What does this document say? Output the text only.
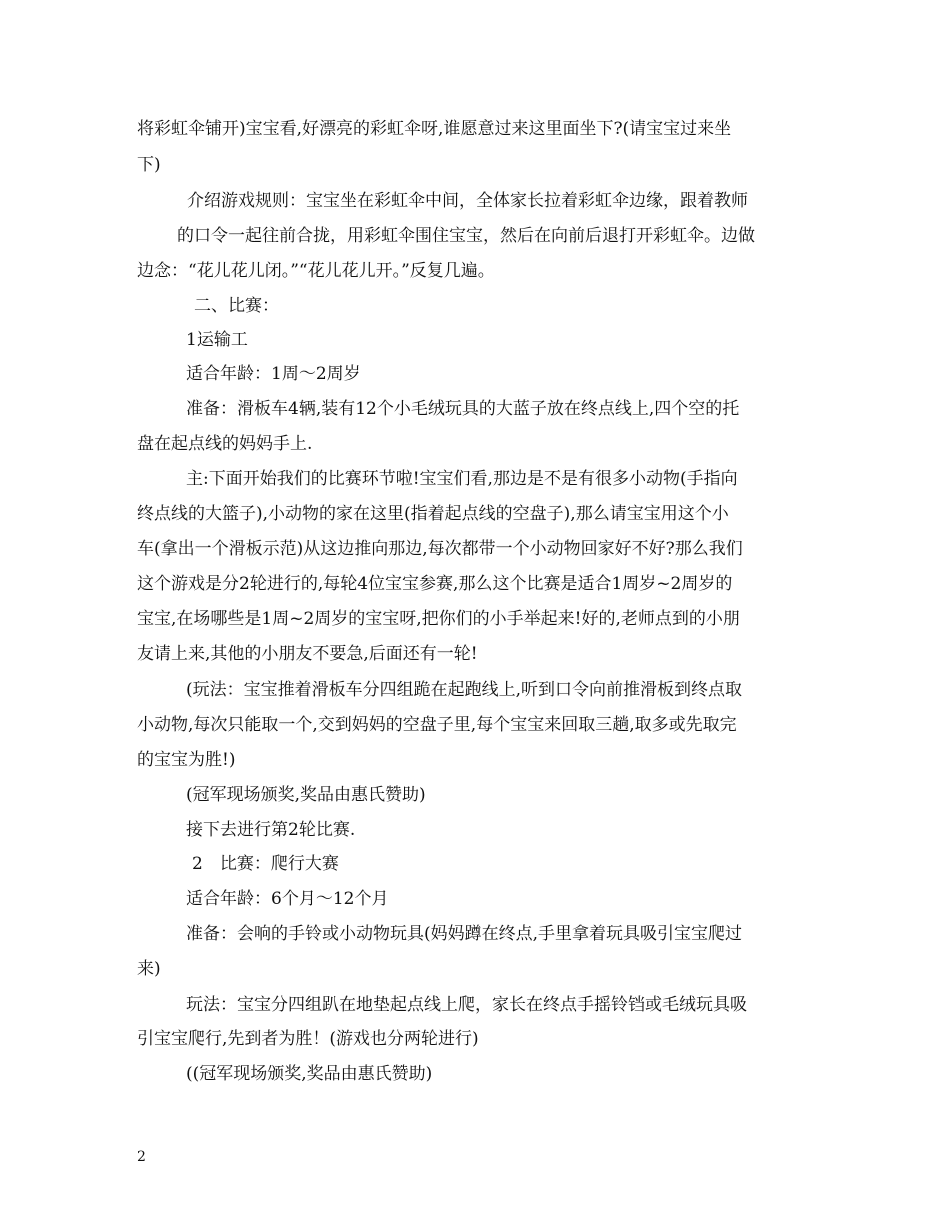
将彩虹伞铺开)宝宝看,好漂亮的彩虹伞呀,谁愿意过来这里面坐下?(请宝宝过来坐
下)
介绍游戏规则：宝宝坐在彩虹伞中间，全体家长拉着彩虹伞边缘，跟着教师
的口令一起往前合拢，用彩虹伞围住宝宝，然后在向前后退打开彩虹伞。边做
边念：“花儿花儿闭。”“花儿花儿开。”反复几遍。
二、比赛：
1运输工
适合年龄：1周～2周岁
准备：滑板车4辆,装有12个小毛绒玩具的大蓝子放在终点线上,四个空的托
盘在起点线的妈妈手上.
主:下面开始我们的比赛环节啦!宝宝们看,那边是不是有很多小动物(手指向
终点线的大篮子),小动物的家在这里(指着起点线的空盘子),那么请宝宝用这个小
车(拿出一个滑板示范)从这边推向那边,每次都带一个小动物回家好不好?那么我们
这个游戏是分2轮进行的,每轮4位宝宝参赛,那么这个比赛是适合1周岁~2周岁的
宝宝,在场哪些是1周~2周岁的宝宝呀,把你们的小手举起来!好的,老师点到的小朋
友请上来,其他的小朋友不要急,后面还有一轮!
(玩法：宝宝推着滑板车分四组跪在起跑线上,听到口令向前推滑板到终点取
小动物,每次只能取一个,交到妈妈的空盘子里,每个宝宝来回取三趟,取多或先取完
的宝宝为胜!)
(冠军现场颁奖,奖品由惠氏赞助)
接下去进行第2轮比赛.
2　比赛：爬行大赛
适合年龄：6个月～12个月
准备：会响的手铃或小动物玩具(妈妈蹲在终点,手里拿着玩具吸引宝宝爬过
来)
玩法：宝宝分四组趴在地垫起点线上爬，家长在终点手摇铃铛或毛绒玩具吸
引宝宝爬行,先到者为胜！(游戏也分两轮进行)
((冠军现场颁奖,奖品由惠氏赞助)
2
